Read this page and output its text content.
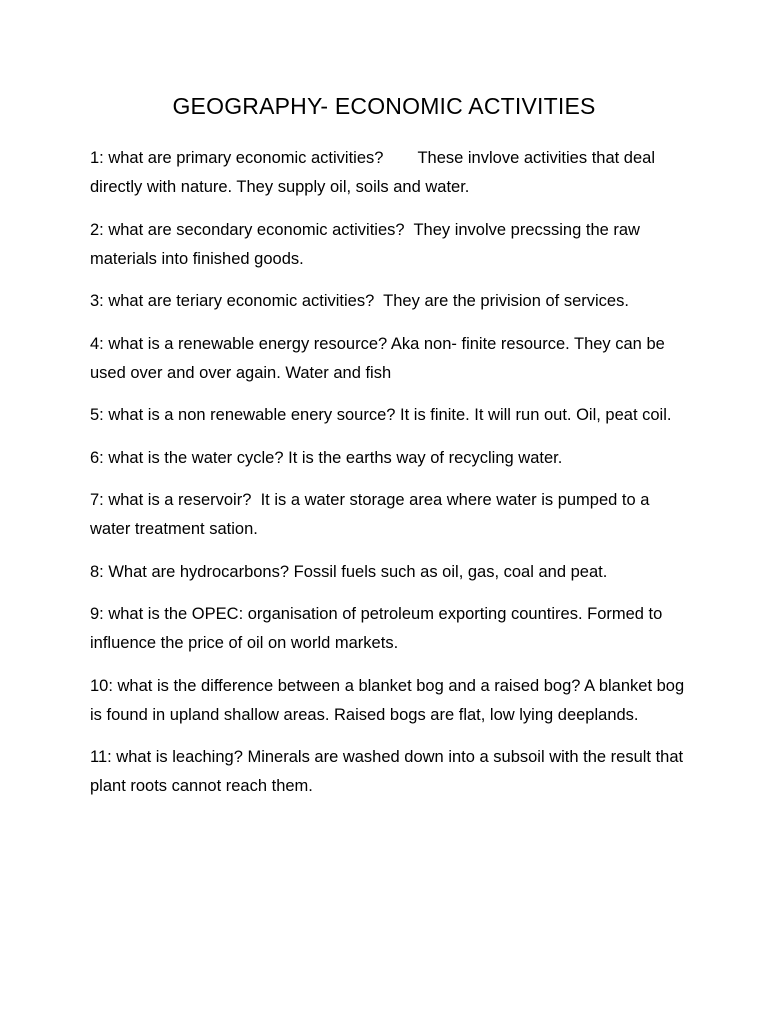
GEOGRAPHY- ECONOMIC ACTIVITIES

1: what are primary economic activities? These invlove activities that deal directly with nature. They supply oil, soils and water.

2: what are secondary economic activities? They involve precssing the raw materials into finished goods.

3: what are teriary economic activities? They are the privision of services.

4: what is a renewable energy resource? Aka non- finite resource. They can be used over and over again. Water and fish

5: what is a non renewable enery source? It is finite. It will run out. Oil, peat coil.

6: what is the water cycle? It is the earths way of recycling water.

7: what is a reservoir? It is a water storage area where water is pumped to a water treatment sation.

8: What are hydrocarbons? Fossil fuels such as oil, gas, coal and peat.

9: what is the OPEC: organisation of petroleum exporting countires. Formed to influence the price of oil on world markets.

10: what is the difference between a blanket bog and a raised bog? A blanket bog is found in upland shallow areas. Raised bogs are flat, low lying deeplands.

11: what is leaching? Minerals are washed down into a subsoil with the result that plant roots cannot reach them.
